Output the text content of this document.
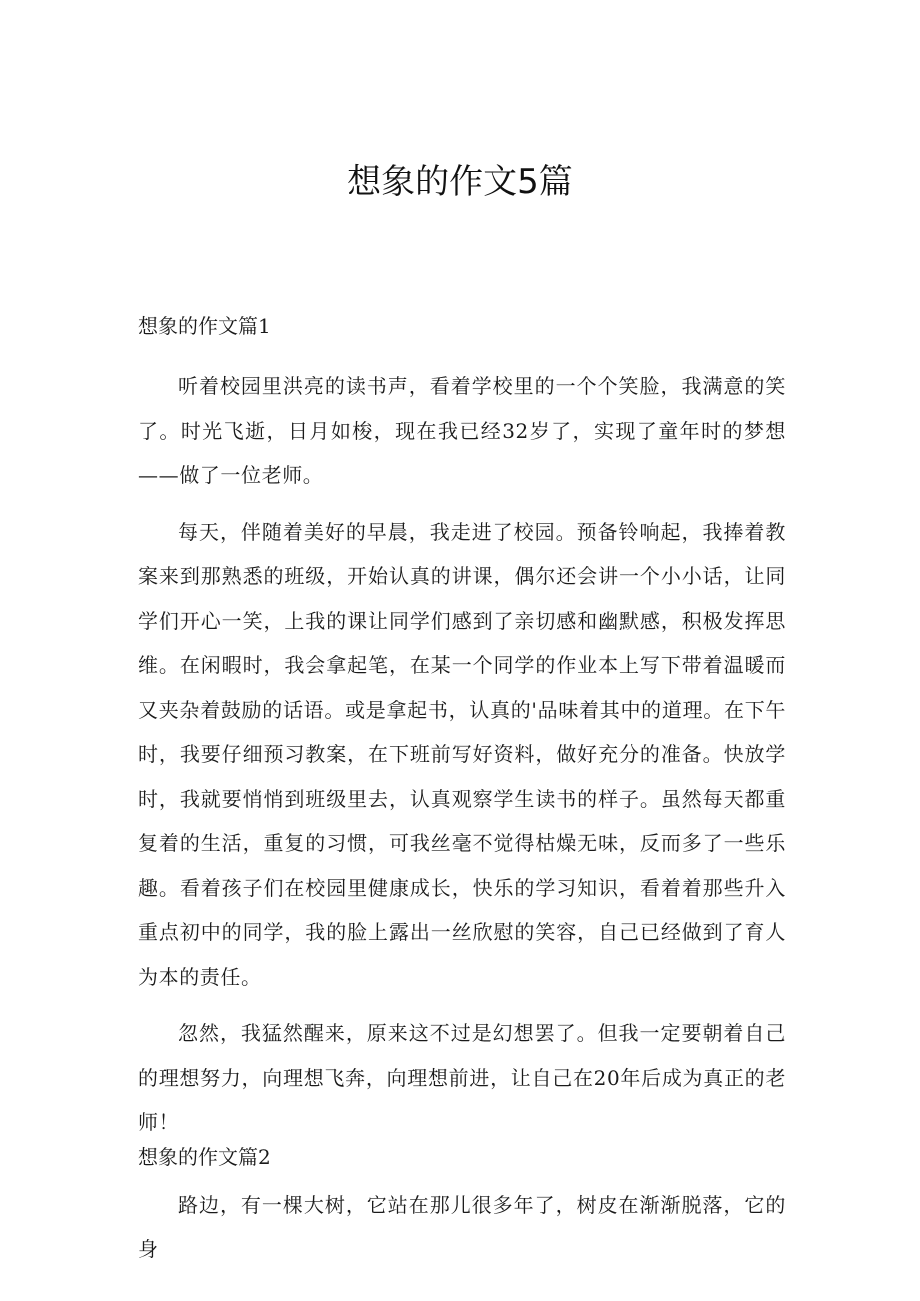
想象的作文5篇
想象的作文篇1

听着校园里洪亮的读书声，看着学校里的一个个笑脸，我满意的笑了。时光飞逝，日月如梭，现在我已经32岁了，实现了童年时的梦想——做了一位老师。

每天，伴随着美好的早晨，我走进了校园。预备铃响起，我捧着教案来到那熟悉的班级，开始认真的讲课，偶尔还会讲一个小小话，让同学们开心一笑，上我的课让同学们感到了亲切感和幽默感，积极发挥思维。在闲暇时，我会拿起笔，在某一个同学的作业本上写下带着温暖而又夹杂着鼓励的话语。或是拿起书，认真的'品味着其中的道理。在下午时，我要仔细预习教案，在下班前写好资料，做好充分的准备。快放学时，我就要悄悄到班级里去，认真观察学生读书的样子。虽然每天都重复着的生活，重复的习惯，可我丝毫不觉得枯燥无味，反而多了一些乐趣。看着孩子们在校园里健康成长，快乐的学习知识，看着着那些升入重点初中的同学，我的脸上露出一丝欣慰的笑容，自己已经做到了育人为本的责任。

忽然，我猛然醒来，原来这不过是幻想罢了。但我一定要朝着自己的理想努力，向理想飞奔，向理想前进，让自己在20年后成为真正的老师！

想象的作文篇2

路边，有一棵大树，它站在那儿很多年了，树皮在渐渐脱落，它的身
